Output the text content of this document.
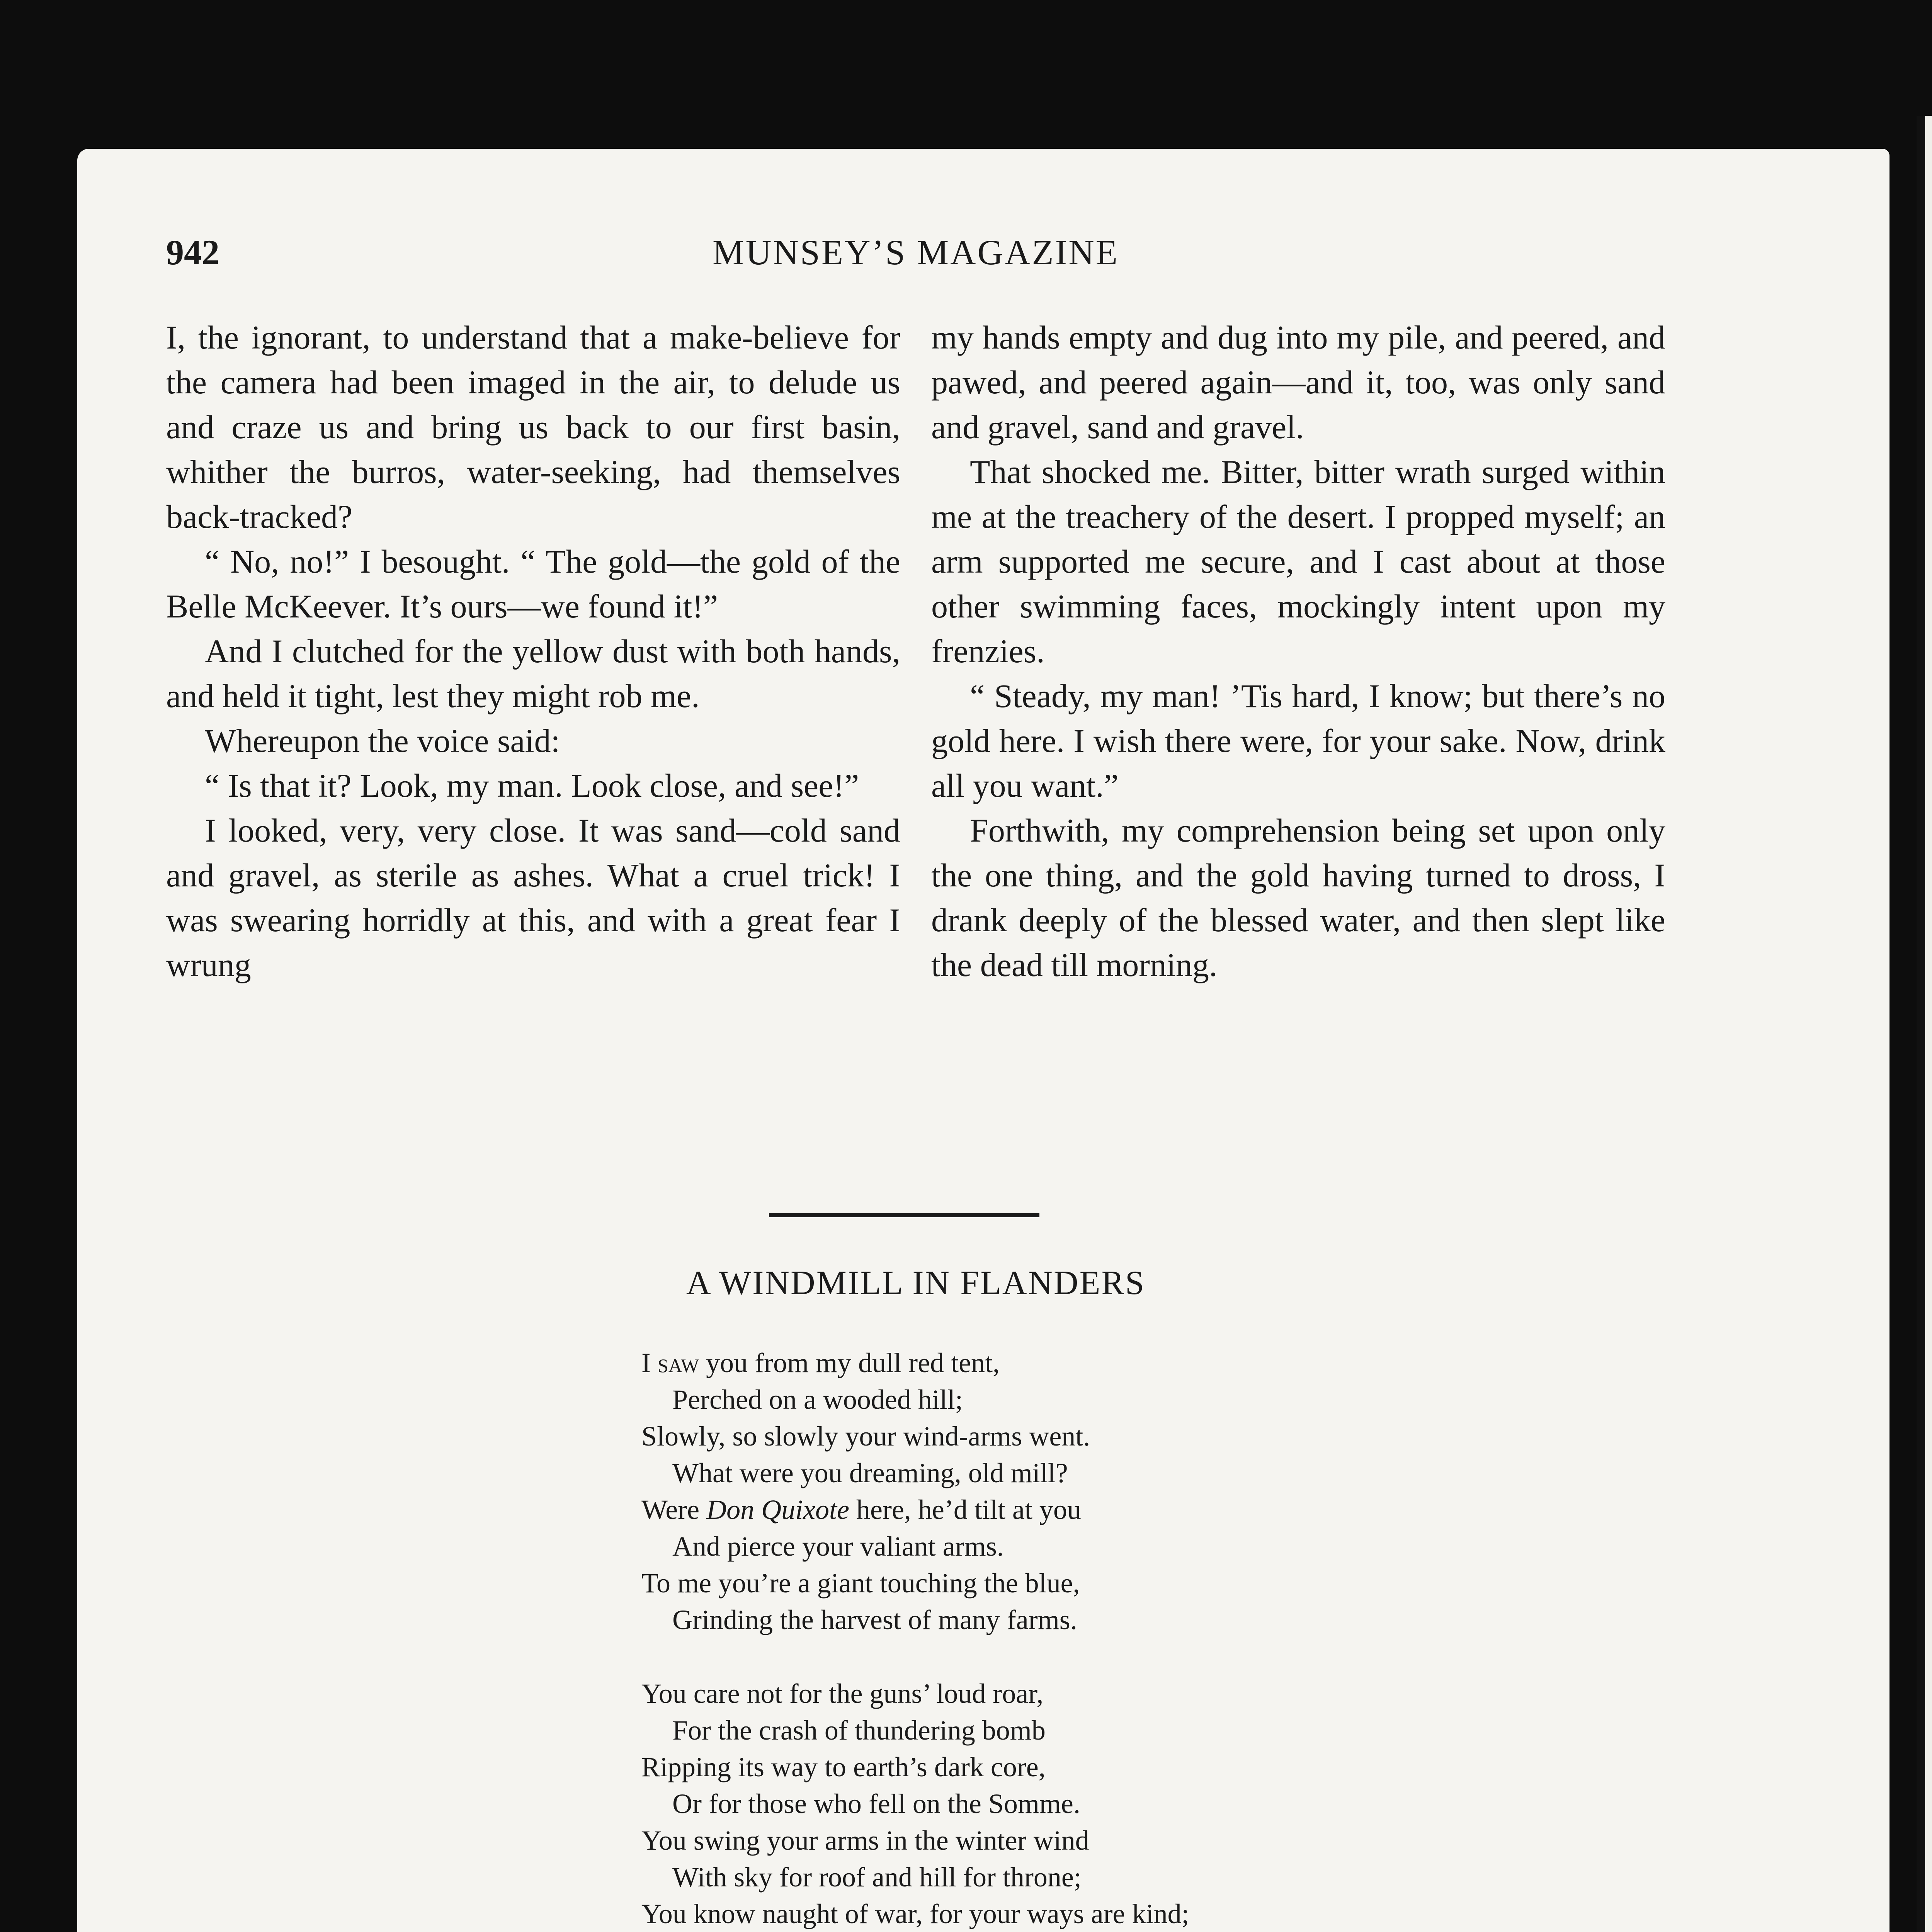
942	MUNSEY’S MAGAZINE

I, the ignorant, to understand that a make-believe for the camera had been imaged in the air, to delude us and craze us and bring us back to our first basin, whither the burros, water-seeking, had themselves back-tracked?

“ No, no!” I besought. “ The gold—the gold of the Belle McKeever. It’s ours—we found it!”

And I clutched for the yellow dust with both hands, and held it tight, lest they might rob me.

Whereupon the voice said:

“ Is that it? Look, my man. Look close, and see!”

I looked, very, very close. It was sand—cold sand and gravel, as sterile as ashes. What a cruel trick! I was swearing horridly at this, and with a great fear I wrung

my hands empty and dug into my pile, and peered, and pawed, and peered again—and it, too, was only sand and gravel, sand and gravel.

That shocked me. Bitter, bitter wrath surged within me at the treachery of the desert. I propped myself; an arm supported me secure, and I cast about at those other swimming faces, mockingly intent upon my frenzies.

“ Steady, my man! ’Tis hard, I know; but there’s no gold here. I wish there were, for your sake. Now, drink all you want.”

Forthwith, my comprehension being set upon only the one thing, and the gold having turned to dross, I drank deeply of the blessed water, and then slept like the dead till morning.

A WINDMILL IN FLANDERS
I saw you from my dull red tent,
Perched on a wooded hill;
Slowly, so slowly your wind-arms went.
What were you dreaming, old mill?
Were Don Quixote here, he’d tilt at you
And pierce your valiant arms.
To me you’re a giant touching the blue,
Grinding the harvest of many farms.
You care not for the guns’ loud roar,
For the crash of thundering bomb
Ripping its way to earth’s dark core,
Or for those who fell on the Somme.
You swing your arms in the winter wind
With sky for roof and hill for throne;
You know naught of war, for your ways are kind;
